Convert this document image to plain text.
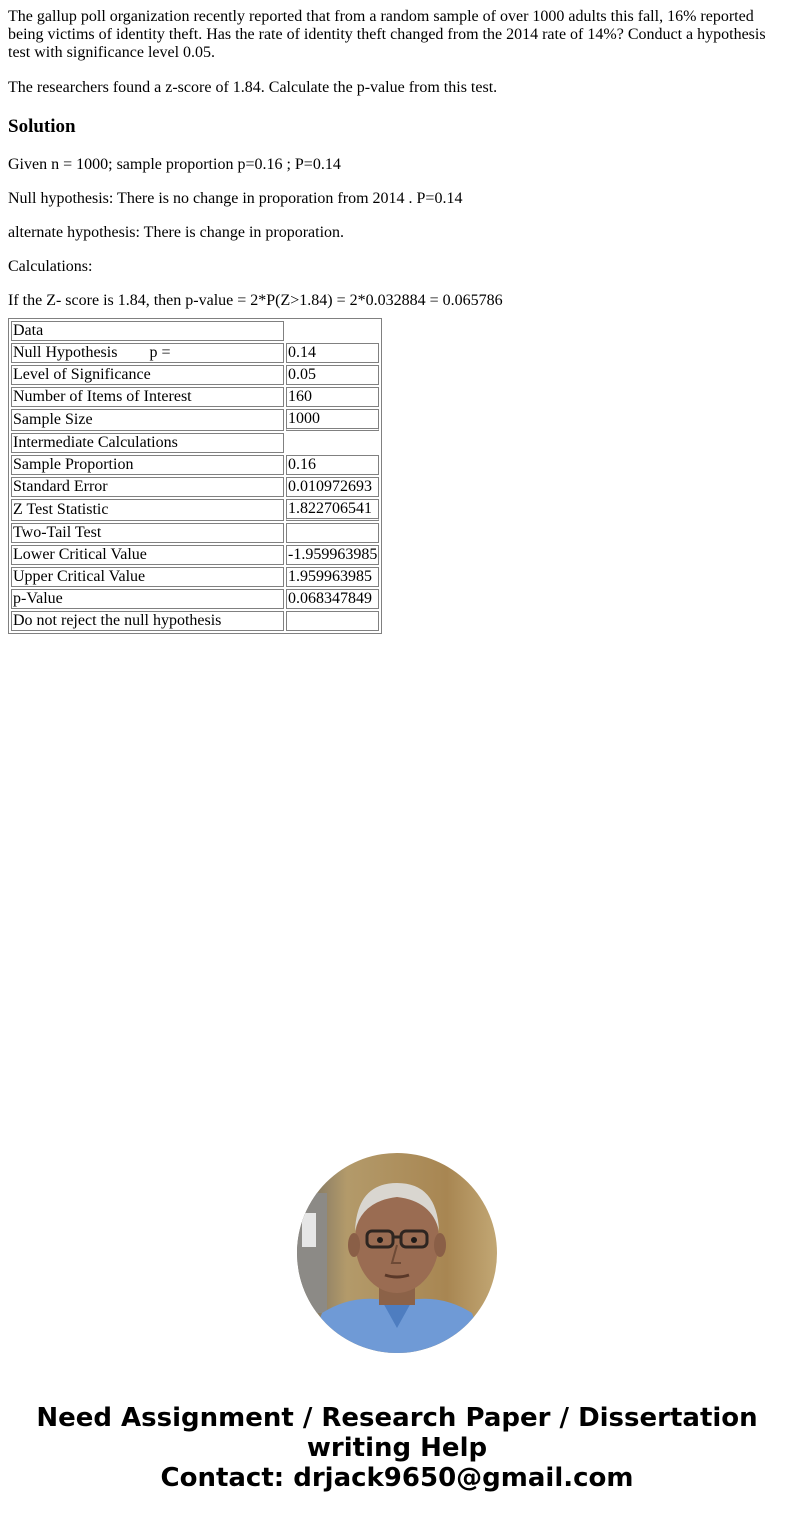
The gallup poll organization recently reported that from a random sample of over 1000 adults this fall, 16% reported being victims of identity theft. Has the rate of identity theft changed from the 2014 rate of 14%? Conduct a hypothesis test with significance level 0.05.

The researchers found a z-score of 1.84. Calculate the p-value from this test.

Solution

Given n = 1000; sample proportion p=0.16 ; P=0.14

Null hypothesis: There is no change in proporation from 2014 . P=0.14

alternate hypothesis: There is change in proporation.

Calculations:

If the Z- score is 1.84, then p-value = 2*P(Z>1.84) = 2*0.032884 = 0.065786

Data	
Null Hypothesis        p =	0.14
Level of Significance	0.05
Number of Items of Interest	160
Sample Size	1000
Intermediate Calculations	
Sample Proportion	0.16
Standard Error	0.010972693
Z Test Statistic	1.822706541
Two-Tail Test	
Lower Critical Value	-1.959963985
Upper Critical Value	1.959963985
p-Value	0.068347849
Do not reject the null hypothesis	
Need Assignment / Research Paper / Dissertation
writing Help
Contact: drjack9650@gmail.com
